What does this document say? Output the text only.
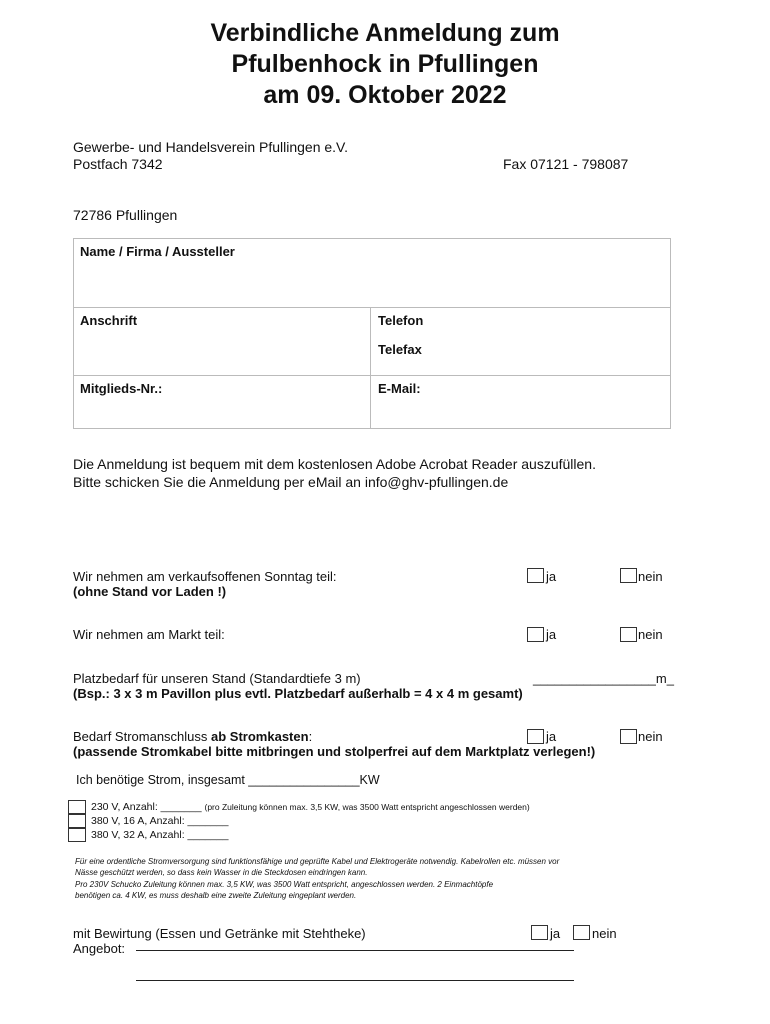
Verbindliche Anmeldung zum
Pfulbenhock in Pfullingen
am 09. Oktober 2022
Gewerbe- und Handelsverein Pfullingen e.V.
Postfach 7342	Fax 07121 - 798087
72786 Pfullingen
Name / Firma / Aussteller
Anschrift	Telefon
Telefax
Mitglieds-Nr.:	E-Mail:
Die Anmeldung ist bequem mit dem kostenlosen Adobe Acrobat Reader auszufüllen.
Bitte schicken Sie die Anmeldung per eMail an info@ghv-pfullingen.de
Wir nehmen am verkaufsoffenen Sonntag teil:
(ohne Stand vor Laden !)
ja	nein
Wir nehmen am Markt teil:	ja	nein
Platzbedarf für unseren Stand (Standardtiefe 3 m)	_________________m_
(Bsp.: 3 x 3 m Pavillon plus evtl. Platzbedarf außerhalb = 4 x 4 m gesamt)
Bedarf Stromanschluss ab Stromkasten:	ja	nein
(passende Stromkabel bitte mitbringen und stolperfrei auf dem Marktplatz verlegen!)
Ich benötige Strom, insgesamt ________________KW
230 V, Anzahl: _______ (pro Zuleitung können max. 3,5 KW, was 3500 Watt entspricht angeschlossen werden)
380 V, 16 A, Anzahl: _______
380 V, 32 A, Anzahl: _______
Für eine ordentliche Stromversorgung sind funktionsfähige und geprüfte Kabel und Elektrogeräte notwendig. Kabelrollen etc. müssen vor
Nässe geschützt werden, so dass kein Wasser in die Steckdosen eindringen kann.
Pro 230V Schucko Zuleitung können max. 3,5 KW, was 3500 Watt entspricht, angeschlossen werden. 2 Einmachtöpfe
benötigen ca. 4 KW, es muss deshalb eine zweite Zuleitung eingeplant werden.
mit Bewirtung (Essen und Getränke mit Stehtheke)	ja nein
Angebot:
